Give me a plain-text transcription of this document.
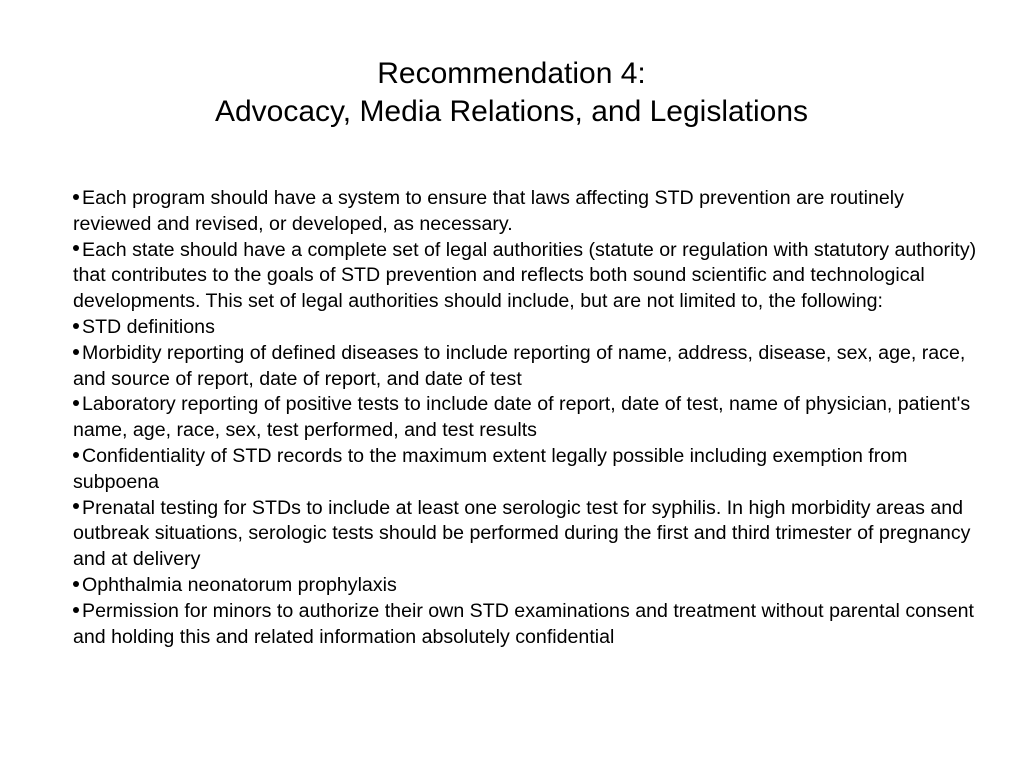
Recommendation 4:
Advocacy, Media Relations, and Legislations
Each program should have a system to ensure that laws affecting STD prevention are routinely reviewed and revised, or developed, as necessary.
Each state should have a complete set of legal authorities (statute or regulation with statutory authority) that contributes to the goals of STD prevention and reflects both sound scientific and technological developments. This set of legal authorities should include, but are not limited to, the following:
STD definitions
Morbidity reporting of defined diseases to include reporting of name, address, disease, sex, age, race, and source of report, date of report, and date of test
Laboratory reporting of positive tests to include date of report, date of test, name of physician, patient's name, age, race, sex, test performed, and test results
Confidentiality of STD records to the maximum extent legally possible including exemption from subpoena
Prenatal testing for STDs to include at least one serologic test for syphilis. In high morbidity areas and outbreak situations, serologic tests should be performed during the first and third trimester of pregnancy and at delivery
Ophthalmia neonatorum prophylaxis
Permission for minors to authorize their own STD examinations and treatment without parental consent and holding this and related information absolutely confidential
